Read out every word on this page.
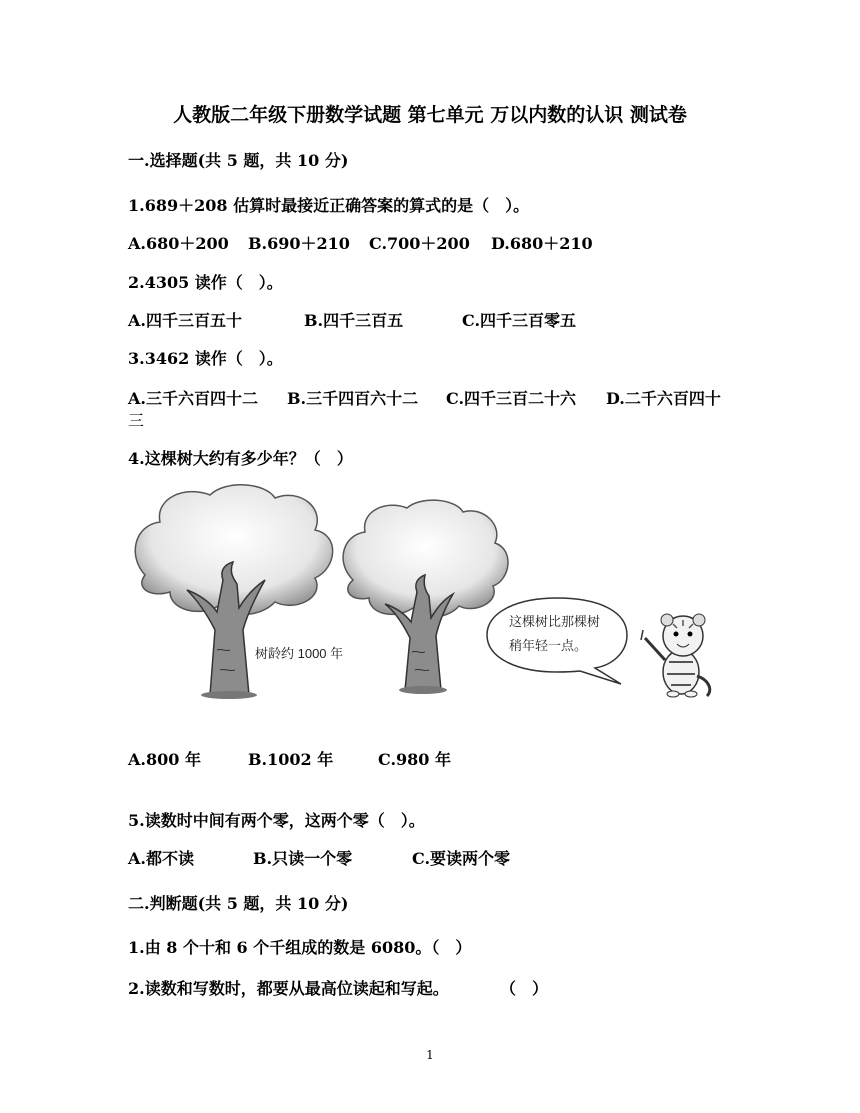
人教版二年级下册数学试题 第七单元 万以内数的认识 测试卷
一.选择题(共 5 题，共 10 分)
1.689＋208 估算时最接近正确答案的算式的是（　）。
A.680＋200 B.690＋210 C.700＋200 D.680＋210
2.4305 读作（　）。
A.四千三百五十	B.四千三百五	C.四千三百零五
3.3462 读作（　）。
A.三千六百四十二 B.三千四百六十二 C.四千三百二十六 D.二千六百四十
三
4.这棵树大约有多少年？（　）
树龄约 1000 年
这棵树比那棵树
稍年轻一点。
A.800 年	B.1002 年	C.980 年
5.读数时中间有两个零，这两个零（　）。
A.都不读	B.只读一个零	C.要读两个零
二.判断题(共 5 题，共 10 分)
1.由 8 个十和 6 个千组成的数是 6080。（　）
2.读数和写数时，都要从最高位读起和写起。	（　）
1
